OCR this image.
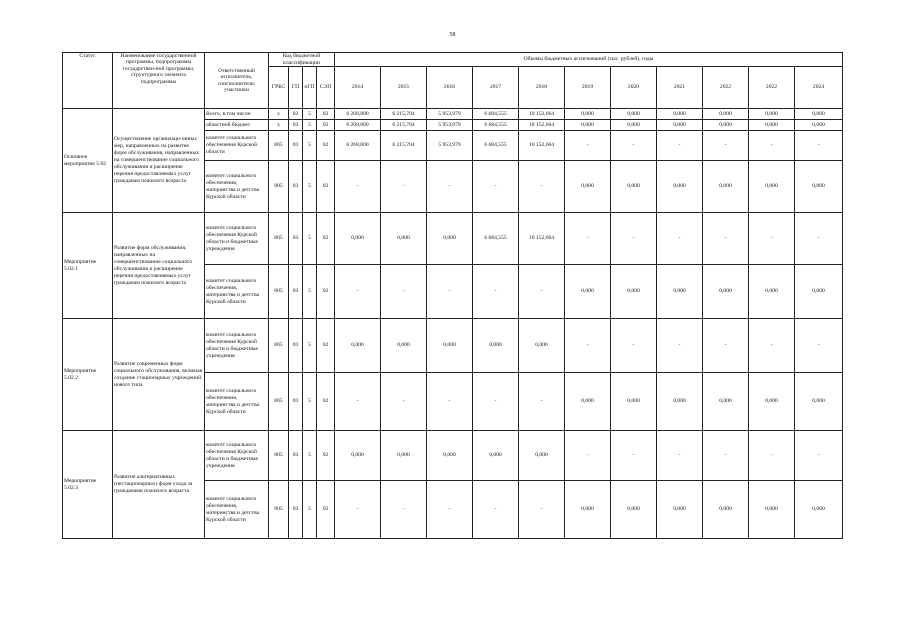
58
Статус	Наименование государственной программы, подпрограммы государствен-ной программы, структурного элемента подпрограммы	Ответственный исполнитель, соисполнители, участники	Код бюджетной классификации				Объемы бюджетных ассигнований (тыс. рублей), годы										
			ГРБС	ГП	пГП	СЭП	2014	2015	2016	2017	2018	2019	2020	2021	2022	2022	2024
Основное мероприятие 5.02	Осуществление организаци-онных мер, направленных на развитие форм обслуживания, направленных на совершенствование социального обслуживания и расширение перечня предоставляемых услуг гражданам пожилого возраста	Всего, в том числе:	х	03	5	02	6 268,800	6 215,704	5 953,979	6 684,555	10 152,664	0,000	0,000	0,000	0,000	0,000	0,000
		областной бюджет	х	03	5	02	6 268,800	6 215,704	5 953,979	6 684,555	10 152,664	0,000	0,000	0,000	0,000	0,000	0,000
		комитет социального обеспечения Курской области	805	03	5	02	6 268,800	6 215,704	5 953,979	6 684,555	10 152,664	-	-	-	-	-	-
		комитет социального обеспечения, материнства и детства Курской области	805	03	5	02	-	-	-	-	-	0,000	0,000	0,000	0,000	0,000	0,000
Мероприятие 5.02.1	Развитие форм обслуживания, направленных на совершенствование социального обслуживания и расширение перечня предоставляемых услуг гражданам пожилого возраста	комитет социального обеспечения Курской области и бюджетные учреждения	805	03	5	02	0,000	0,000	0,000	6 684,555	10 152,664	-	-	-	-	-	-
		комитет социального обеспечения, материнства и детства Курской области	805	03	5	02	-	-	-	-	-	0,000	0,000	0,000	0,000	0,000	0,000
Мероприятие 5.02.2	Развитие современных форм социального обслуживания, включая создание стационарных учреждений нового типа	комитет социального обеспечения Курской области и бюджетные учреждения	805	03	5	02	0,000	0,000	0,000	0,000	0,000	-	-	-	-	-	-
		комитет социального обеспечения, материнства и детства Курской области	805	03	5	02	-	-	-	-	-	0,000	0,000	0,000	0,000	0,000	0,000
Мероприятие 5.02.3	Развитие альтернативных (нестационарных) форм ухода за гражданами пожилого возраста	комитет социального обеспечения Курской области и бюджетные учреждения	805	03	5	02	0,000	0,000	0,000	0,000	0,000	-	-	-	-	-	-
		комитет социального обеспечения, материнства и детства Курской области	805	03	5	02	-	-	-	-	-	0,000	0,000	0,000	0,000	0,000	0,000
